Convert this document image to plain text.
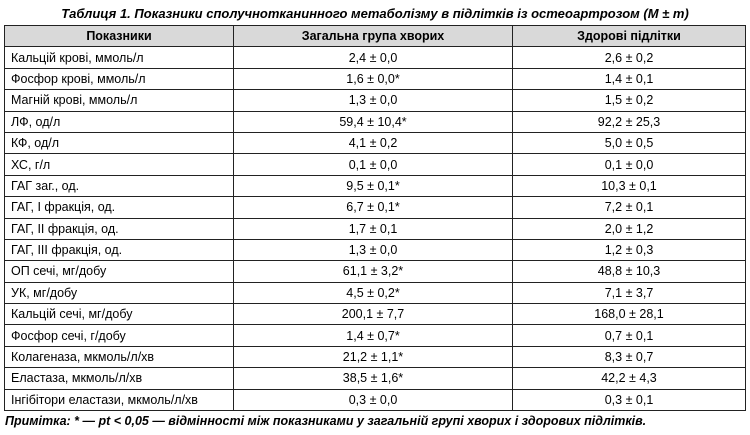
Таблиця 1. Показники сполучнотканинного метаболізму в підлітків із остеоартрозом (M ± m)
Показники	Загальна група хворих	Здорові підлітки
Кальцій крові, ммоль/л	2,4 ± 0,0	2,6 ± 0,2
Фосфор крові, ммоль/л	1,6 ± 0,0*	1,4 ± 0,1
Магній крові, ммоль/л	1,3 ± 0,0	1,5 ± 0,2
ЛФ, од/л	59,4 ± 10,4*	92,2 ± 25,3
КФ, од/л	4,1 ± 0,2	5,0 ± 0,5
ХС, г/л	0,1 ± 0,0	0,1 ± 0,0
ГАГ заг., од.	9,5 ± 0,1*	10,3 ± 0,1
ГАГ, I фракція, од.	6,7 ± 0,1*	7,2 ± 0,1
ГАГ, II фракція, од.	1,7 ± 0,1	2,0 ± 1,2
ГАГ, III фракція, од.	1,3 ± 0,0	1,2 ± 0,3
ОП сечі, мг/добу	61,1 ± 3,2*	48,8 ± 10,3
УК, мг/добу	4,5 ± 0,2*	7,1 ± 3,7
Кальцій сечі, мг/добу	200,1 ± 7,7	168,0 ± 28,1
Фосфор сечі, г/добу	1,4 ± 0,7*	0,7 ± 0,1
Колагеназа, мкмоль/л/хв	21,2 ± 1,1*	8,3 ± 0,7
Еластаза, мкмоль/л/хв	38,5 ± 1,6*	42,2 ± 4,3
Інгібітори еластази, мкмоль/л/хв	0,3 ± 0,0	0,3 ± 0,1
Примітка: * — pt < 0,05 — відмінності між показниками у загальній групі хворих і здорових підлітків.
